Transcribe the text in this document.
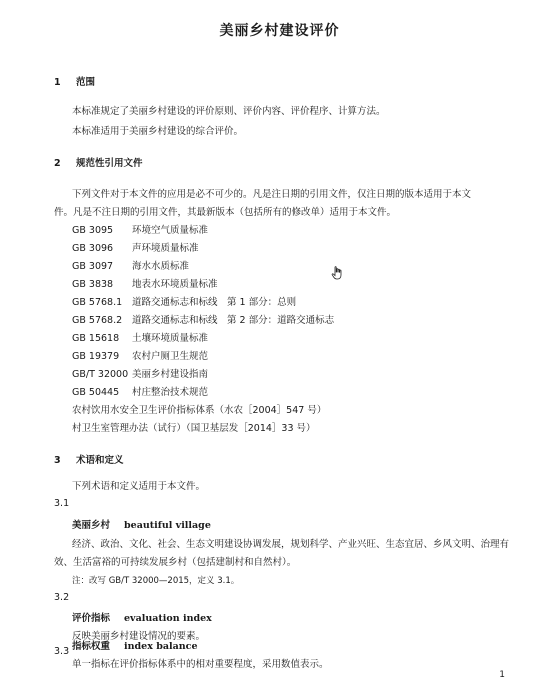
美丽乡村建设评价
1 范围
本标准规定了美丽乡村建设的评价原则、评价内容、评价程序、计算方法。
本标准适用于美丽乡村建设的综合评价。
2 规范性引用文件
下列文件对于本文件的应用是必不可少的。凡是注日期的引用文件，仅注日期的版本适用于本文
件。凡是不注日期的引用文件，其最新版本（包括所有的修改单）适用于本文件。
GB 3095 环境空气质量标准
GB 3096 声环境质量标准
GB 3097 海水水质标准
GB 3838 地表水环境质量标准
GB 5768.1 道路交通标志和标线　第 1 部分：总则
GB 5768.2 道路交通标志和标线　第 2 部分：道路交通标志
GB 15618 土壤环境质量标准
GB 19379 农村户厕卫生规范
GB/T 32000 美丽乡村建设指南
GB 50445 村庄整治技术规范
农村饮用水安全卫生评价指标体系（水农［2004］547 号）
村卫生室管理办法（试行）（国卫基层发［2014］33 号）
3 术语和定义
下列术语和定义适用于本文件。
3.1
美丽乡村 beautiful village
经济、政治、文化、社会、生态文明建设协调发展，规划科学、产业兴旺、生态宜居、乡风文明、治理有
效、生活富裕的可持续发展乡村（包括建制村和自然村）。
注：改写 GB/T 32000—2015，定义 3.1。
3.2
评价指标 evaluation index
反映美丽乡村建设情况的要素。
3.3 指标权重 index balance
单一指标在评价指标体系中的相对重要程度，采用数值表示。
1
